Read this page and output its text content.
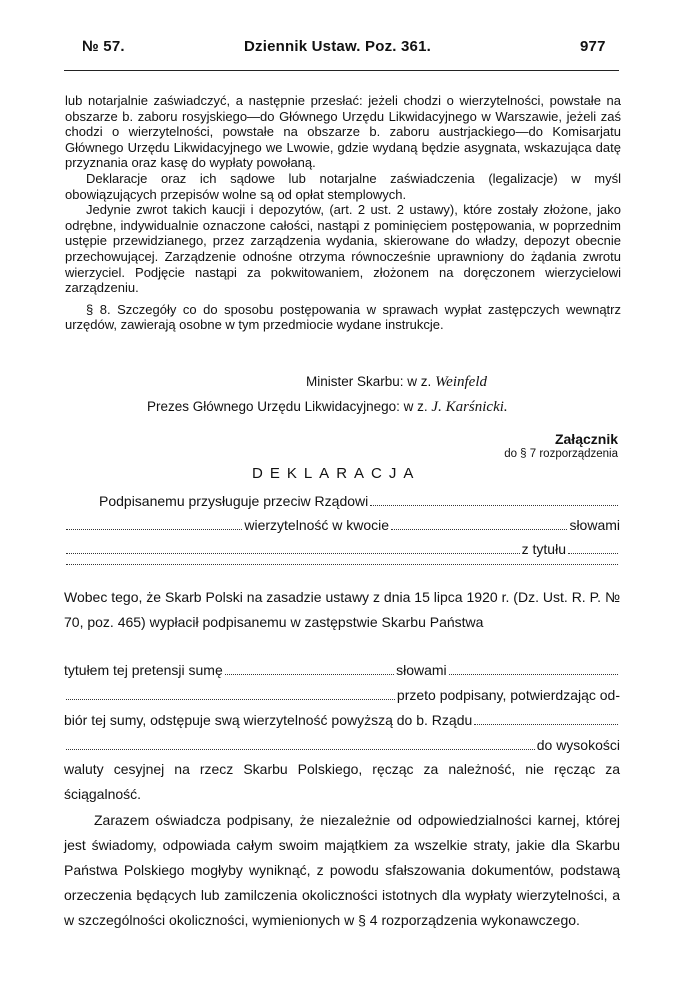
№ 57.	Dziennik Ustaw. Poz. 361.	977

lub notarjalnie zaświadczyć, a następnie przesłać: jeżeli chodzi o wierzytelności, powstałe na obszarze b. zaboru rosyjskiego—do Głównego Urzędu Likwidacyjnego w Warszawie, jeżeli zaś chodzi o wierzytelności, powstałe na obszarze b. zaboru austrjackiego—do Komisarjatu Głównego Urzędu Likwidacyjnego we Lwowie, gdzie wydaną będzie asygnata, wskazująca datę przyznania oraz kasę do wypłaty powołaną.

Deklaracje oraz ich sądowe lub notarjalne zaświadczenia (legalizacje) w myśl obowiązujących przepisów wolne są od opłat stemplowych.

Jedynie zwrot takich kaucji i depozytów, (art. 2 ust. 2 ustawy), które zostały złożone, jako odrębne, indywidualnie oznaczone całości, nastąpi z pominięciem postępowania, w poprzednim ustępie przewidzianego, przez zarządzenia wydania, skierowane do władzy, depozyt obecnie przechowującej. Zarządzenie odnośne otrzyma równocześnie uprawniony do żądania zwrotu wierzyciel. Podjęcie nastąpi za pokwitowaniem, złożonem na doręczonem wierzycielowi zarządzeniu.

§ 8. Szczegóły co do sposobu postępowania w sprawach wypłat zastępczych wewnątrz urzędów, zawierają osobne w tym przedmiocie wydane instrukcje.

Minister Skarbu: w z. Weinfeld
Prezes Głównego Urzędu Likwidacyjnego: w z. J. Karśnicki.
Załącznik
do § 7 rozporządzenia
DEKLARACJA
Podpisanemu przysługuje przeciw Rządowi
wierzytelność w kwocie	słowami
z tytułu

Wobec tego, że Skarb Polski na zasadzie ustawy z dnia 15 lipca 1920 r. (Dz. Ust. R. P. № 70, poz. 465) wypłacił podpisanemu w zastępstwie Skarbu Państwa

tytułem tej pretensji sumę	słowami
przeto podpisany, potwierdzając od-
biór tej sumy, odstępuje swą wierzytelność powyższą do b. Rządu
do wysokości

waluty cesyjnej na rzecz Skarbu Polskiego, ręcząc za należność, nie ręcząc za ściągalność.

Zarazem oświadcza podpisany, że niezależnie od odpowiedzialności karnej, której jest świadomy, odpowiada całym swoim majątkiem za wszelkie straty, jakie dla Skarbu Państwa Polskiego mogłyby wyniknąć, z powodu sfałszowania dokumentów, podstawą orzeczenia będących lub zamilczenia okoliczności istotnych dla wypłaty wierzytelności, a w szczególności okoliczności, wymienionych w § 4 rozporządzenia wykonawczego.
